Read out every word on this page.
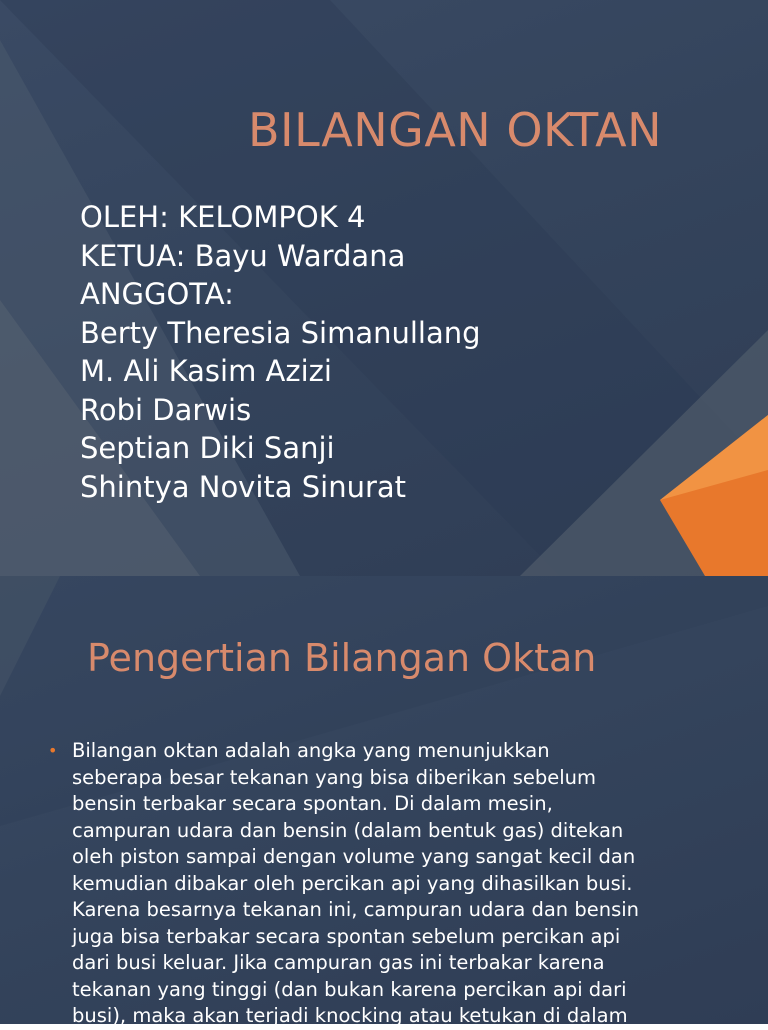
BILANGAN OKTAN
OLEH: KELOMPOK 4
KETUA: Bayu Wardana
ANGGOTA:
Berty Theresia Simanullang
M. Ali Kasim Azizi
Robi Darwis
Septian Diki Sanji
Shintya Novita Sinurat
Pengertian Bilangan Oktan
• Bilangan oktan adalah angka yang menunjukkan
seberapa besar tekanan yang bisa diberikan sebelum
bensin terbakar secara spontan. Di dalam mesin,
campuran udara dan bensin (dalam bentuk gas) ditekan
oleh piston sampai dengan volume yang sangat kecil dan
kemudian dibakar oleh percikan api yang dihasilkan busi.
Karena besarnya tekanan ini, campuran udara dan bensin
juga bisa terbakar secara spontan sebelum percikan api
dari busi keluar. Jika campuran gas ini terbakar karena
tekanan yang tinggi (dan bukan karena percikan api dari
busi), maka akan terjadi knocking atau ketukan di dalam
